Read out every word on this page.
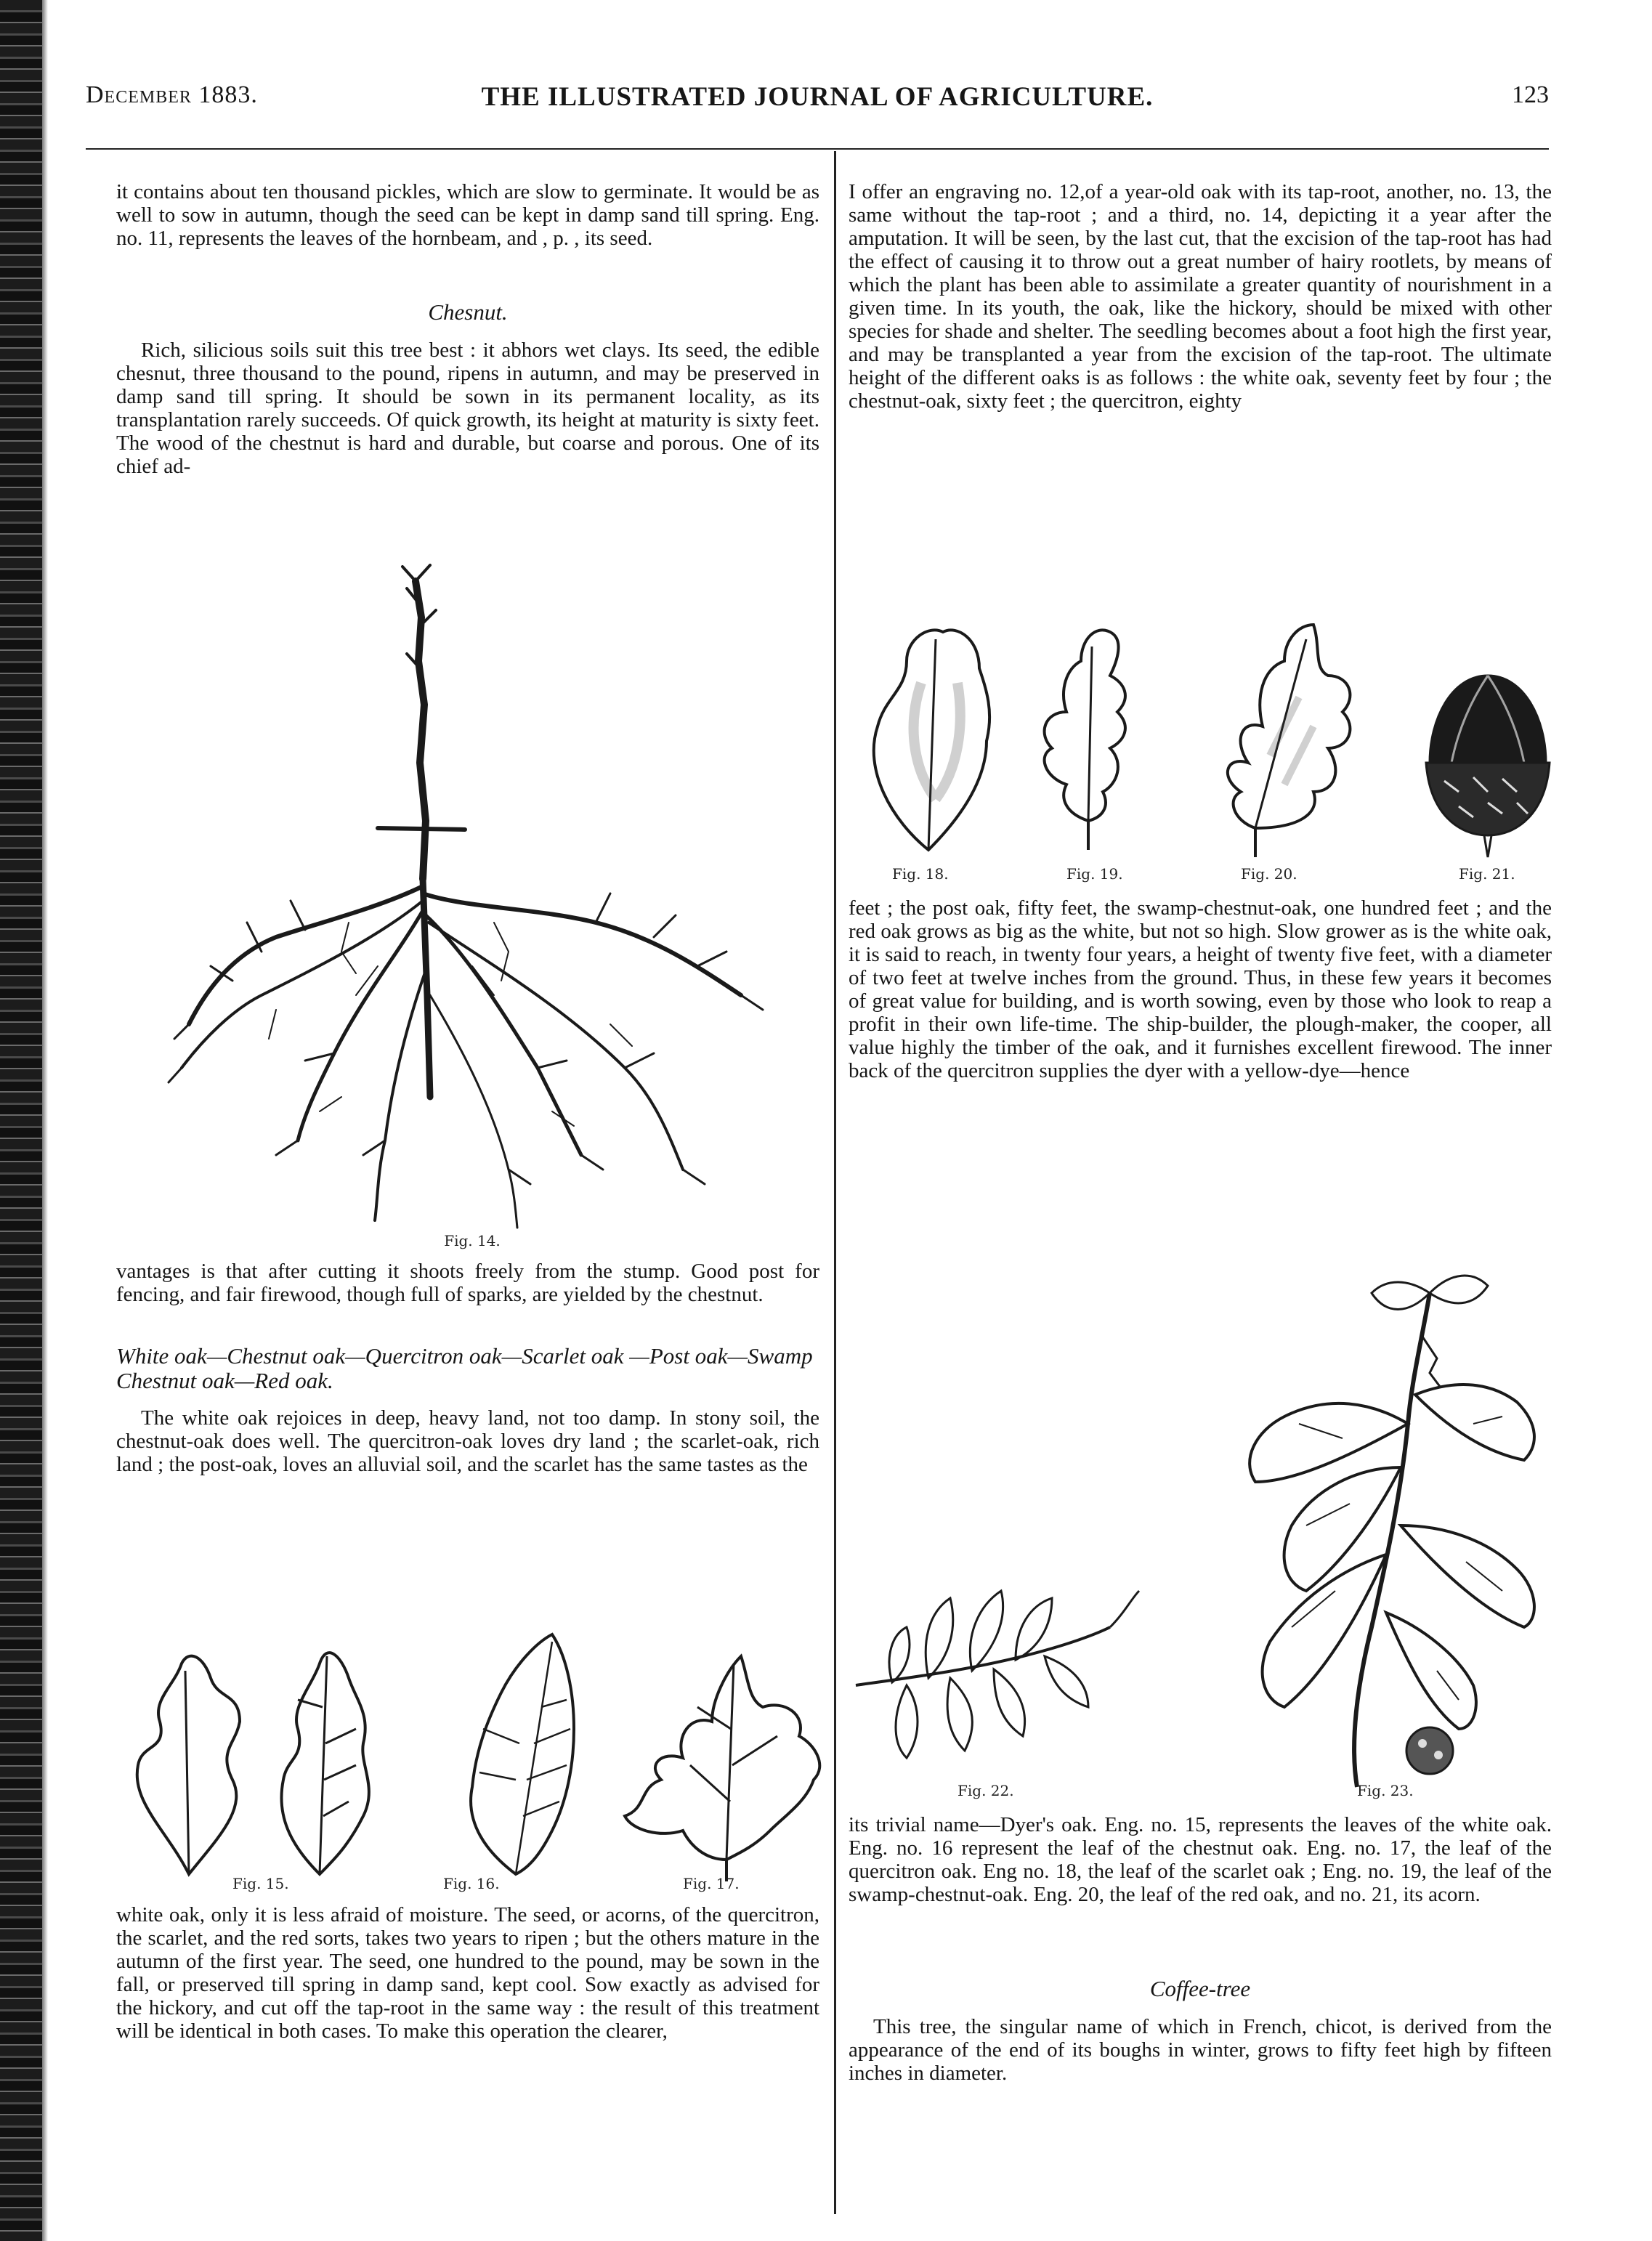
December 1883.	THE ILLUSTRATED JOURNAL OF AGRICULTURE.	123

it contains about ten thousand pickles, which are slow to germinate. It would be as well to sow in autumn, though the seed can be kept in damp sand till spring. Eng. no. 11, represents the leaves of the hornbeam, and , p. , its seed.

Chesnut.

Rich, silicious soils suit this tree best : it abhors wet clays. Its seed, the edible chesnut, three thousand to the pound, ripens in autumn, and may be preserved in damp sand till spring. It should be sown in its permanent locality, as its transplantation rarely succeeds. Of quick growth, its height at maturity is sixty feet. The wood of the chestnut is hard and durable, but coarse and porous. One of its chief ad-

Fig. 14.

vantages is that after cutting it shoots freely from the stump. Good post for fencing, and fair firewood, though full of sparks, are yielded by the chestnut.

White oak—Chestnut oak—Quercitron oak—Scarlet oak —Post oak—Swamp Chestnut oak—Red oak.

The white oak rejoices in deep, heavy land, not too damp. In stony soil, the chestnut-oak does well. The quercitron-oak loves dry land ; the scarlet-oak, rich land ; the post-oak, loves an alluvial soil, and the scarlet has the same tastes as the

Fig. 15.	Fig. 16.	Fig. 17.

white oak, only it is less afraid of moisture. The seed, or acorns, of the quercitron, the scarlet, and the red sorts, takes two years to ripen ; but the others mature in the autumn of the first year. The seed, one hundred to the pound, may be sown in the fall, or preserved till spring in damp sand, kept cool. Sow exactly as advised for the hickory, and cut off the tap-root in the same way : the result of this treatment will be identical in both cases. To make this operation the clearer,

I offer an engraving no. 12,of a year-old oak with its tap-root, another, no. 13, the same without the tap-root ; and a third, no. 14, depicting it a year after the amputation. It will be seen, by the last cut, that the excision of the tap-root has had the effect of causing it to throw out a great number of hairy rootlets, by means of which the plant has been able to assimilate a greater quantity of nourishment in a given time. In its youth, the oak, like the hickory, should be mixed with other species for shade and shelter. The seedling becomes about a foot high the first year, and may be transplanted a year from the excision of the tap-root. The ultimate height of the different oaks is as follows : the white oak, seventy feet by four ; the chestnut-oak, sixty feet ; the quercitron, eighty

Fig. 18.	Fig. 19.	Fig. 20.	Fig. 21.

feet ; the post oak, fifty feet, the swamp-chestnut-oak, one hundred feet ; and the red oak grows as big as the white, but not so high. Slow grower as is the white oak, it is said to reach, in twenty four years, a height of twenty five feet, with a diameter of two feet at twelve inches from the ground. Thus, in these few years it becomes of great value for building, and is worth sowing, even by those who look to reap a profit in their own life-time. The ship-builder, the plough-maker, the cooper, all value highly the timber of the oak, and it furnishes excellent firewood. The inner back of the quercitron supplies the dyer with a yellow-dye—hence

Fig. 22.	Fig. 23.

its trivial name—Dyer's oak. Eng. no. 15, represents the leaves of the white oak. Eng. no. 16 represent the leaf of the chestnut oak. Eng. no. 17, the leaf of the quercitron oak. Eng no. 18, the leaf of the scarlet oak ; Eng. no. 19, the leaf of the swamp-chestnut-oak. Eng. 20, the leaf of the red oak, and no. 21, its acorn.

Coffee-tree

This tree, the singular name of which in French, chicot, is derived from the appearance of the end of its boughs in winter, grows to fifty feet high by fifteen inches in diameter.
